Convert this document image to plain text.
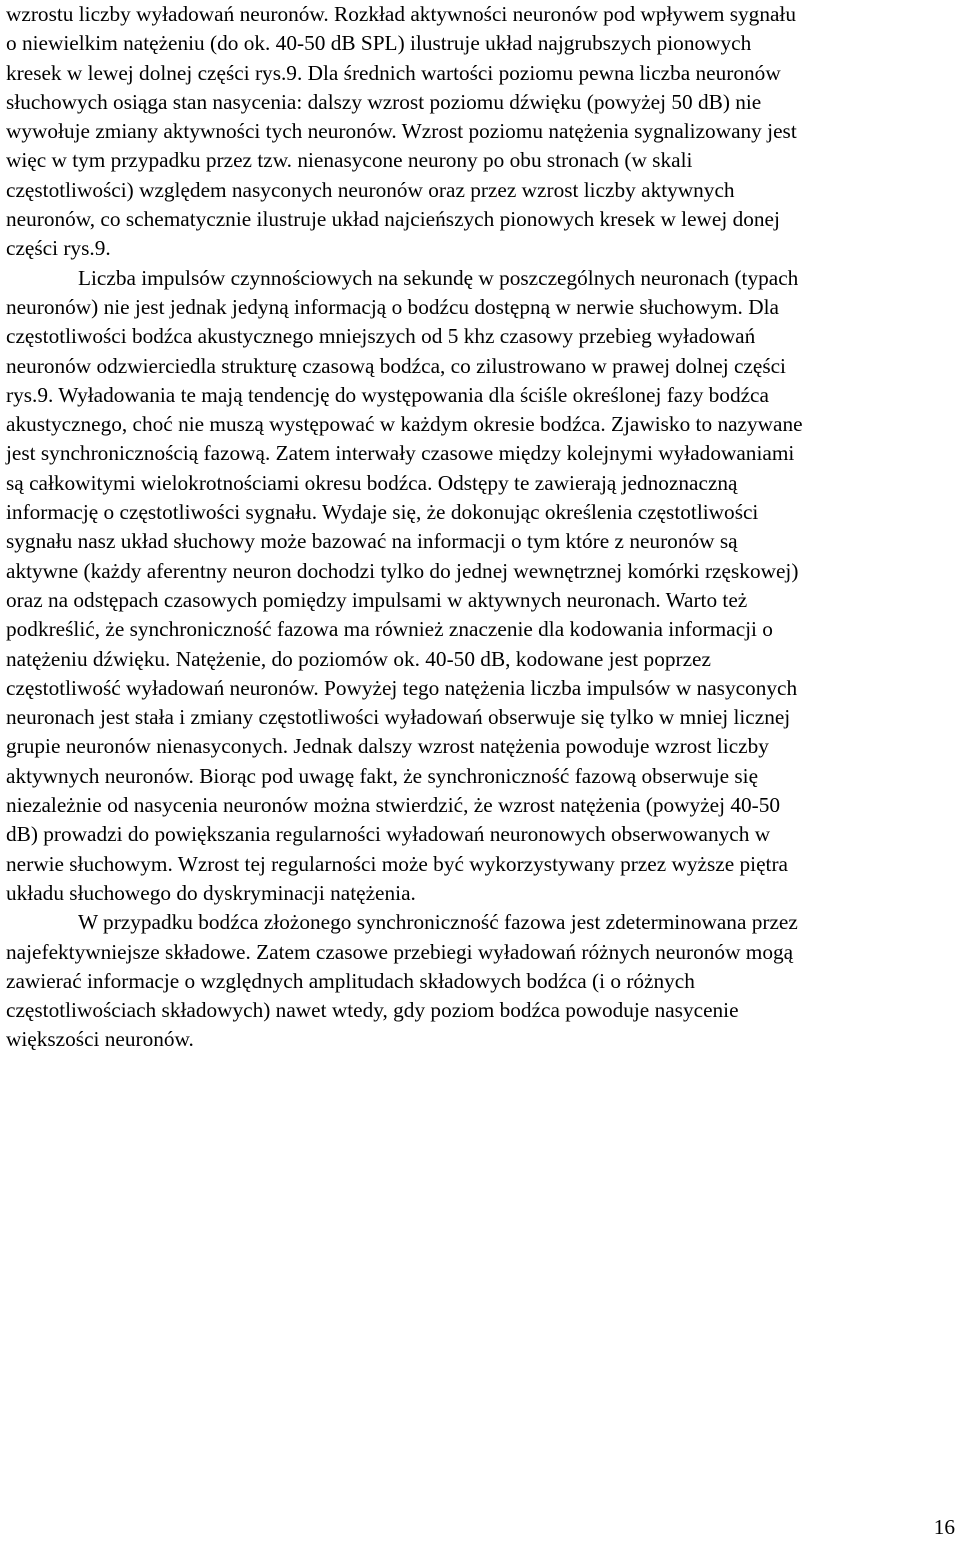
wzrostu liczby wyładowań neuronów. Rozkład aktywności neuronów pod wpływem sygnału
o niewielkim natężeniu (do ok. 40-50 dB SPL) ilustruje układ najgrubszych pionowych
kresek w lewej dolnej części rys.9. Dla średnich wartości poziomu pewna liczba neuronów
słuchowych osiąga stan nasycenia: dalszy wzrost poziomu dźwięku (powyżej 50 dB) nie
wywołuje zmiany aktywności tych neuronów. Wzrost poziomu natężenia sygnalizowany jest
więc w tym przypadku przez tzw. nienasycone neurony po obu stronach (w skali
częstotliwości) względem nasyconych neuronów oraz przez wzrost liczby aktywnych
neuronów, co schematycznie ilustruje układ najcieńszych pionowych kresek w lewej donej
części rys.9.
Liczba impulsów czynnościowych na sekundę w poszczególnych neuronach (typach
neuronów) nie jest jednak jedyną informacją o bodźcu dostępną w nerwie słuchowym. Dla
częstotliwości bodźca akustycznego mniejszych od 5 khz czasowy przebieg wyładowań
neuronów odzwierciedla strukturę czasową bodźca, co zilustrowano w prawej dolnej części
rys.9. Wyładowania te mają tendencję do występowania dla ściśle określonej fazy bodźca
akustycznego, choć nie muszą występować w każdym okresie bodźca. Zjawisko to nazywane
jest synchronicznością fazową. Zatem interwały czasowe między kolejnymi wyładowaniami
są całkowitymi wielokrotnościami okresu bodźca. Odstępy te zawierają jednoznaczną
informację o częstotliwości sygnału. Wydaje się, że dokonując określenia częstotliwości
sygnału nasz układ słuchowy może bazować na informacji o tym które z neuronów są
aktywne (każdy aferentny neuron dochodzi tylko do jednej wewnętrznej komórki rzęskowej)
oraz na odstępach czasowych pomiędzy impulsami w aktywnych neuronach. Warto też
podkreślić, że synchroniczność fazowa ma również znaczenie dla kodowania informacji o
natężeniu dźwięku. Natężenie, do poziomów ok. 40-50 dB, kodowane jest poprzez
częstotliwość wyładowań neuronów. Powyżej tego natężenia liczba impulsów w nasyconych
neuronach jest stała i zmiany częstotliwości wyładowań obserwuje się tylko w mniej licznej
grupie neuronów nienasyconych. Jednak dalszy wzrost natężenia powoduje wzrost liczby
aktywnych neuronów. Biorąc pod uwagę fakt, że synchroniczność fazową obserwuje się
niezależnie od nasycenia neuronów można stwierdzić, że wzrost natężenia (powyżej 40-50
dB) prowadzi do powiększania regularności wyładowań neuronowych obserwowanych w
nerwie słuchowym. Wzrost tej regularności może być wykorzystywany przez wyższe piętra
układu słuchowego do dyskryminacji natężenia.
W przypadku bodźca złożonego synchroniczność fazowa jest zdeterminowana przez
najefektywniejsze składowe. Zatem czasowe przebiegi wyładowań różnych neuronów mogą
zawierać informacje o względnych amplitudach składowych bodźca (i o różnych
częstotliwościach składowych) nawet wtedy, gdy poziom bodźca powoduje nasycenie
większości neuronów.
16
